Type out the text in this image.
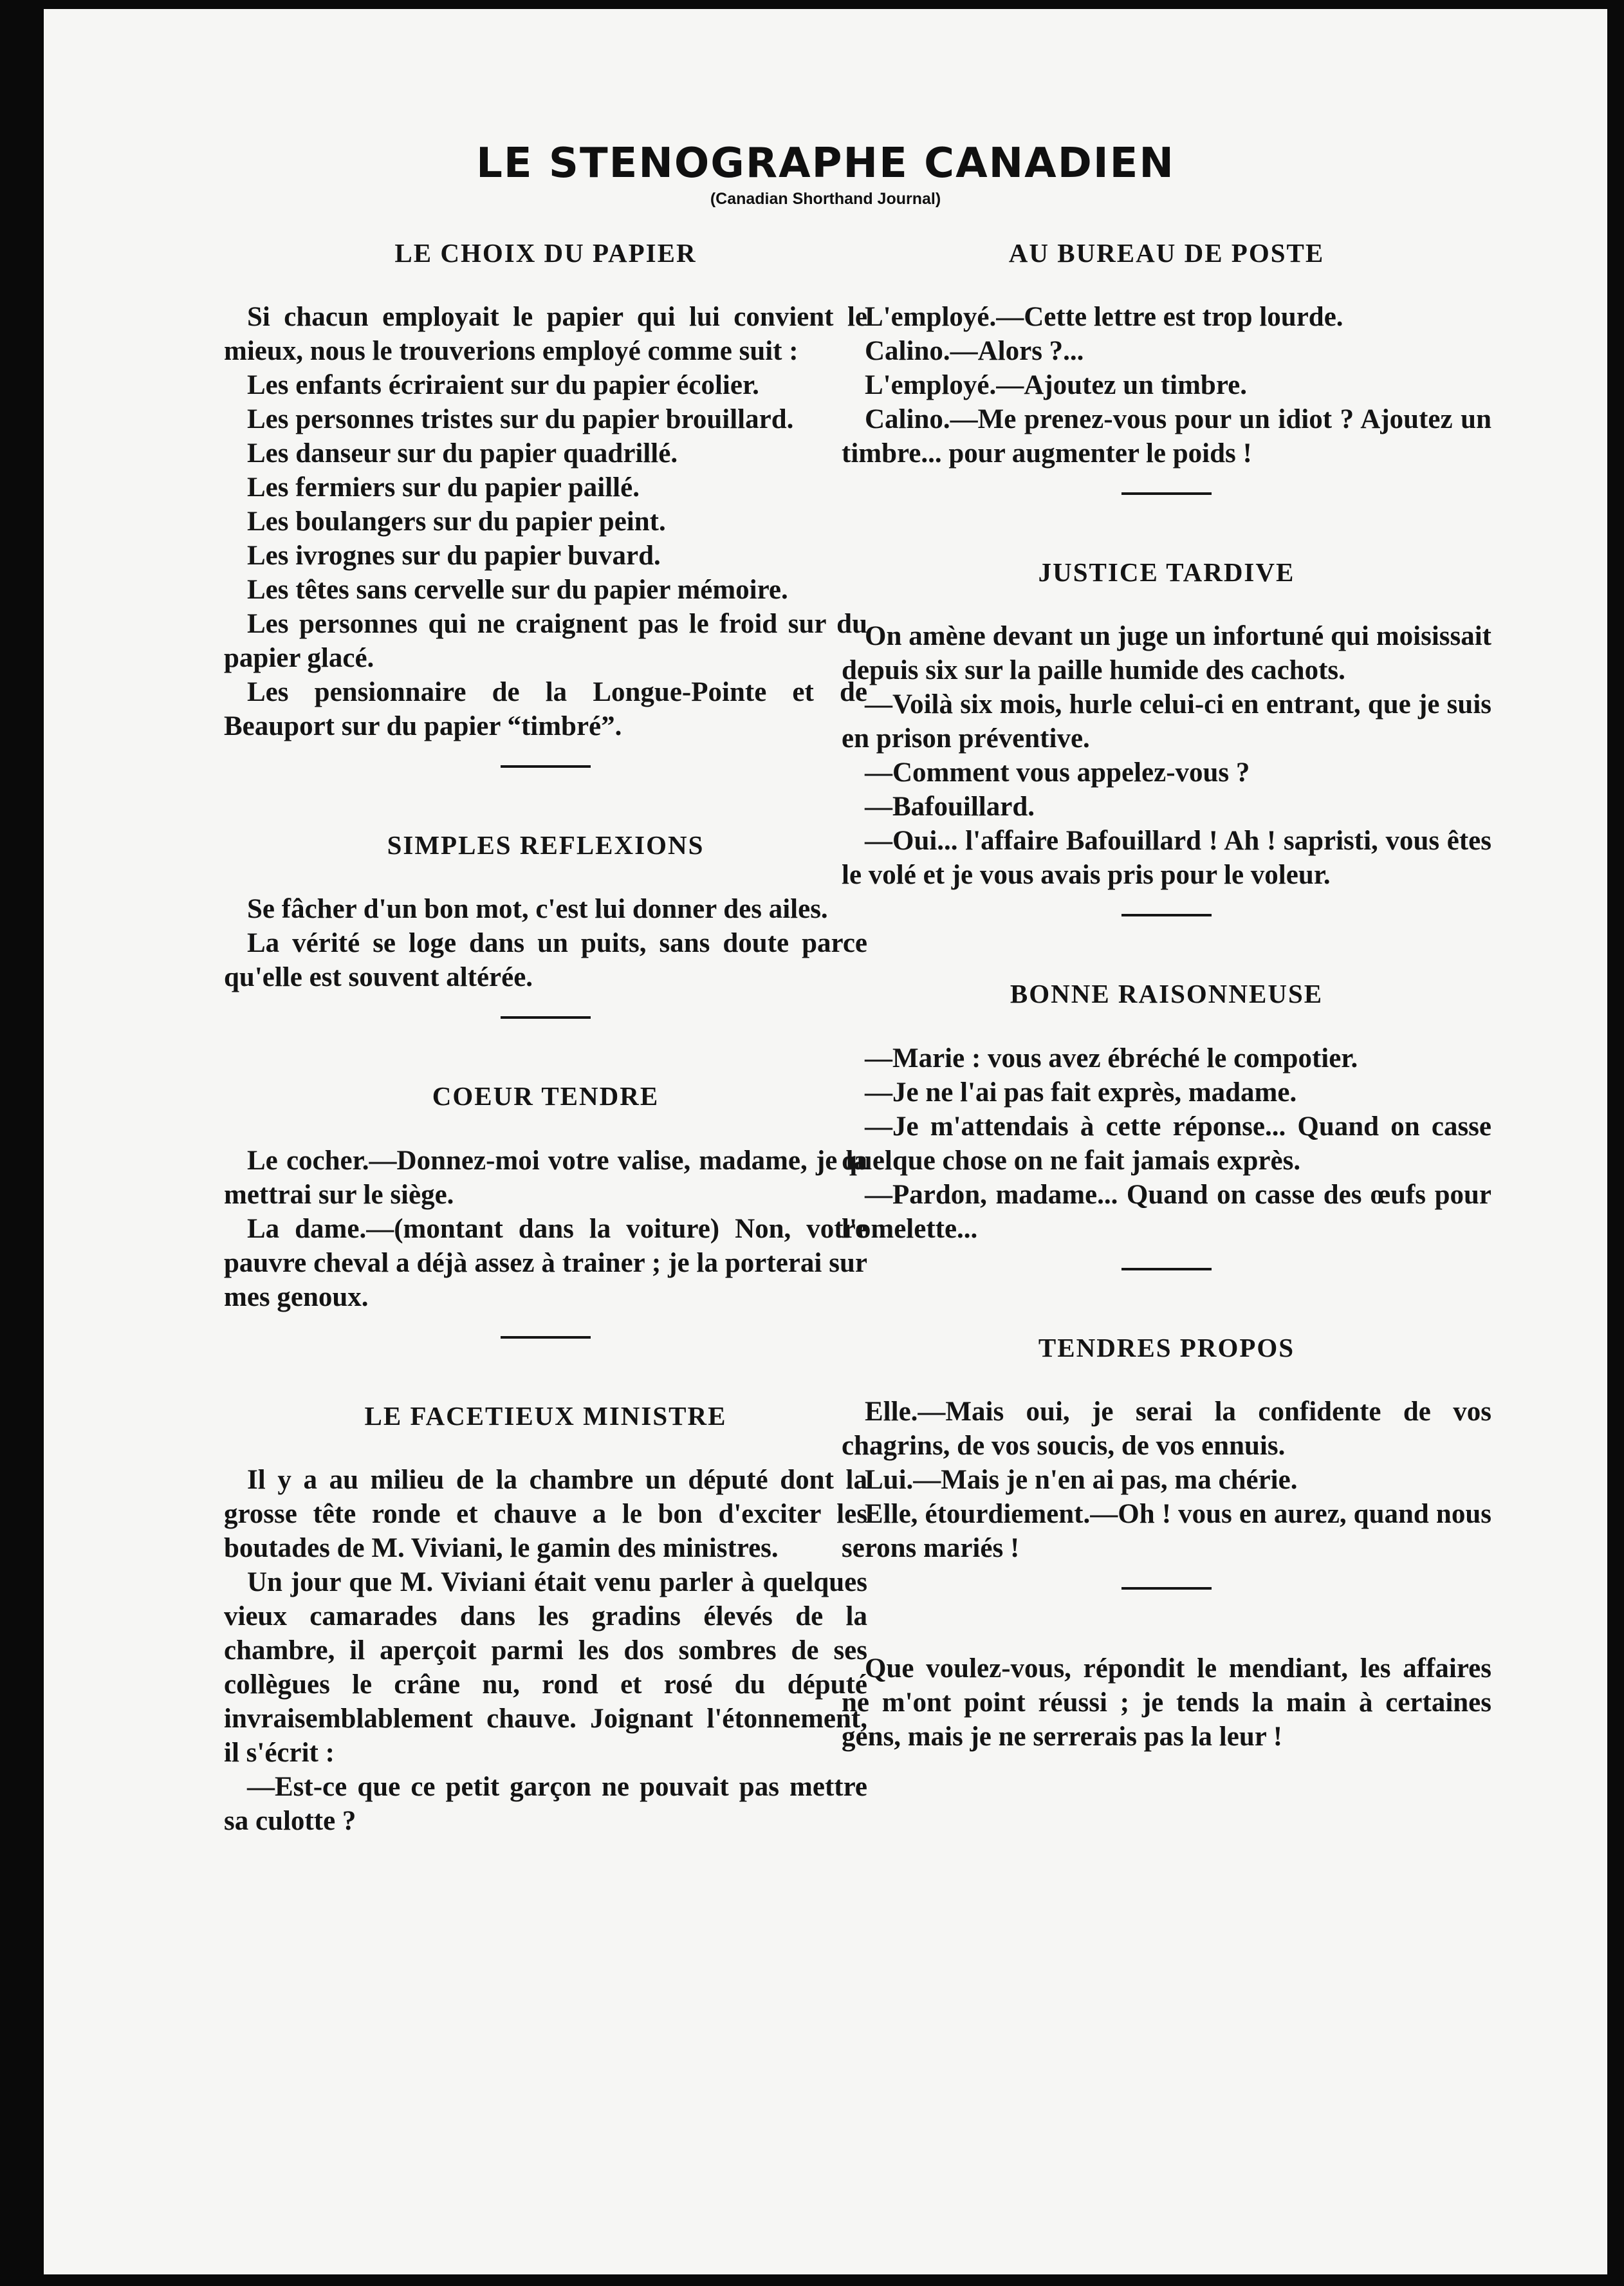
LE STENOGRAPHE CANADIEN
(Canadian Shorthand Journal)
LE CHOIX DU PAPIER

Si chacun employait le papier qui lui convient le mieux, nous le trouverions employé comme suit :

Les enfants écriraient sur du papier écolier.

Les personnes tristes sur du papier brouillard.

Les danseur sur du papier quadrillé.

Les fermiers sur du papier paillé.

Les boulangers sur du papier peint.

Les ivrognes sur du papier buvard.

Les têtes sans cervelle sur du papier mémoire.

Les personnes qui ne craignent pas le froid sur du papier glacé.

Les pensionnaire de la Longue-Pointe et de Beauport sur du papier “timbré”.

SIMPLES REFLEXIONS

Se fâcher d'un bon mot, c'est lui donner des ailes.

La vérité se loge dans un puits, sans doute parce qu'elle est souvent altérée.

COEUR TENDRE

Le cocher.—Donnez-moi votre valise, madame, je la mettrai sur le siège.

La dame.—(montant dans la voiture) Non, votre pauvre cheval a déjà assez à trainer ; je la porterai sur mes genoux.

LE FACETIEUX MINISTRE

Il y a au milieu de la chambre un député dont la grosse tête ronde et chauve a le bon d'exciter les boutades de M. Viviani, le gamin des ministres.

Un jour que M. Viviani était venu parler à quelques vieux camarades dans les gradins élevés de la chambre, il aperçoit parmi les dos sombres de ses collègues le crâne nu, rond et rosé du député invraisemblablement chauve. Joignant l'étonnement, il s'écrit :

—Est-ce que ce petit garçon ne pouvait pas mettre sa culotte ?

AU BUREAU DE POSTE

L'employé.—Cette lettre est trop lourde.

Calino.—Alors ?...

L'employé.—Ajoutez un timbre.

Calino.—Me prenez-vous pour un idiot ? Ajoutez un timbre... pour augmenter le poids !

JUSTICE TARDIVE

On amène devant un juge un infortuné qui moisissait depuis six sur la paille humide des cachots.

—Voilà six mois, hurle celui-ci en entrant, que je suis en prison préventive.

—Comment vous appelez-vous ?

—Bafouillard.

—Oui... l'affaire Bafouillard ! Ah ! sapristi, vous êtes le volé et je vous avais pris pour le voleur.

BONNE RAISONNEUSE

—Marie : vous avez ébréché le compotier.

—Je ne l'ai pas fait exprès, madame.

—Je m'attendais à cette réponse... Quand on casse quelque chose on ne fait jamais exprès.

—Pardon, madame... Quand on casse des œufs pour l'omelette...

TENDRES PROPOS

Elle.—Mais oui, je serai la confidente de vos chagrins, de vos soucis, de vos ennuis.

Lui.—Mais je n'en ai pas, ma chérie.

Elle, étourdiement.—Oh ! vous en aurez, quand nous serons mariés !

Que voulez-vous, répondit le mendiant, les affaires ne m'ont point réussi ; je tends la main à certaines gens, mais je ne serrerais pas la leur !
